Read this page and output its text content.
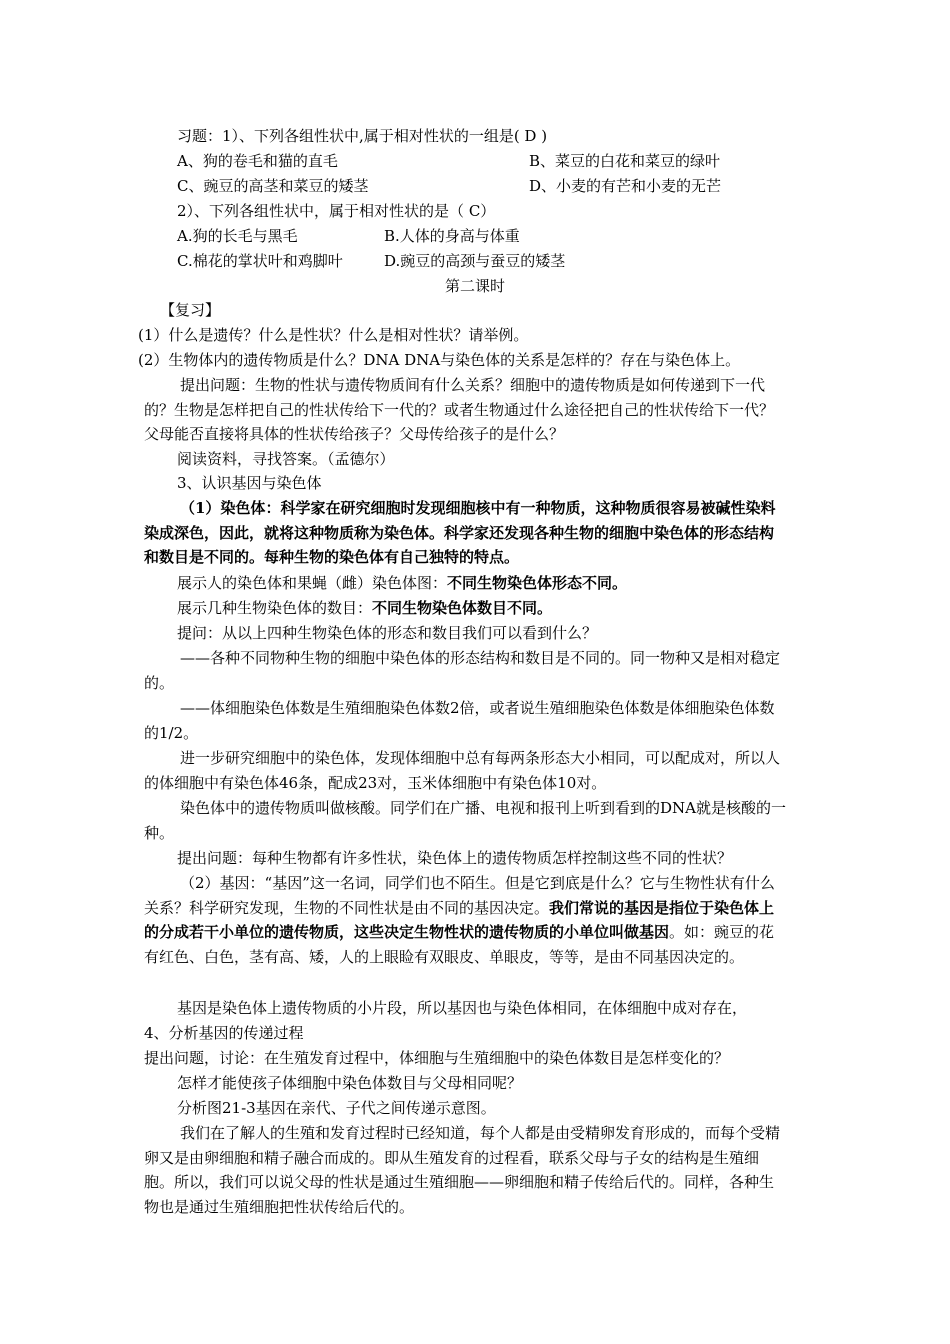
习题：1）、下列各组性状中,属于相对性状的一组是( D )
A、狗的卷毛和猫的直毛	B、菜豆的白花和菜豆的绿叶
C、豌豆的高茎和菜豆的矮茎	D、小麦的有芒和小麦的无芒
2）、下列各组性状中，属于相对性状的是（ C）
A.狗的长毛与黑毛	B.人体的身高与体重
C.棉花的掌状叶和鸡脚叶	D.豌豆的高颈与蚕豆的矮茎
第二课时
【复习】
(1）什么是遗传？什么是性状？什么是相对性状？请举例。
(2）生物体内的遗传物质是什么？DNA DNA与染色体的关系是怎样的？存在与染色体上。
提出问题：生物的性状与遗传物质间有什么关系？细胞中的遗传物质是如何传递到下一代的？生物是怎样把自己的性状传给下一代的？或者生物通过什么途径把自己的性状传给下一代？父母能否直接将具体的性状传给孩子？父母传给孩子的是什么？
阅读资料，寻找答案。（孟德尔）
3、认识基因与染色体
（1）染色体：科学家在研究细胞时发现细胞核中有一种物质，这种物质很容易被碱性染料染成深色，因此，就将这种物质称为染色体。科学家还发现各种生物的细胞中染色体的形态结构和数目是不同的。每种生物的染色体有自己独特的特点。
展示人的染色体和果蝇（雌）染色体图：不同生物染色体形态不同。
展示几种生物染色体的数目：不同生物染色体数目不同。
提问：从以上四种生物染色体的形态和数目我们可以看到什么？
——各种不同物种生物的细胞中染色体的形态结构和数目是不同的。同一物种又是相对稳定的。
——体细胞染色体数是生殖细胞染色体数2倍，或者说生殖细胞染色体数是体细胞染色体数的1/2。
进一步研究细胞中的染色体，发现体细胞中总有每两条形态大小相同，可以配成对，所以人的体细胞中有染色体46条，配成23对，玉米体细胞中有染色体10对。
染色体中的遗传物质叫做核酸。同学们在广播、电视和报刊上听到看到的DNA就是核酸的一种。
提出问题：每种生物都有许多性状，染色体上的遗传物质怎样控制这些不同的性状？
（2）基因：“基因”这一名词，同学们也不陌生。但是它到底是什么？它与生物性状有什么关系？科学研究发现，生物的不同性状是由不同的基因决定。我们常说的基因是指位于染色体上的分成若干小单位的遗传物质，这些决定生物性状的遗传物质的小单位叫做基因。如：豌豆的花有红色、白色，茎有高、矮，人的上眼睑有双眼皮、单眼皮，等等，是由不同基因决定的。
基因是染色体上遗传物质的小片段，所以基因也与染色体相同，在体细胞中成对存在，
4、分析基因的传递过程
提出问题，讨论：在生殖发育过程中，体细胞与生殖细胞中的染色体数目是怎样变化的？
怎样才能使孩子体细胞中染色体数目与父母相同呢？
分析图21-3基因在亲代、子代之间传递示意图。
我们在了解人的生殖和发育过程时已经知道，每个人都是由受精卵发育形成的，而每个受精卵又是由卵细胞和精子融合而成的。即从生殖发育的过程看，联系父母与子女的结构是生殖细胞。所以，我们可以说父母的性状是通过生殖细胞——卵细胞和精子传给后代的。同样，各种生物也是通过生殖细胞把性状传给后代的。
